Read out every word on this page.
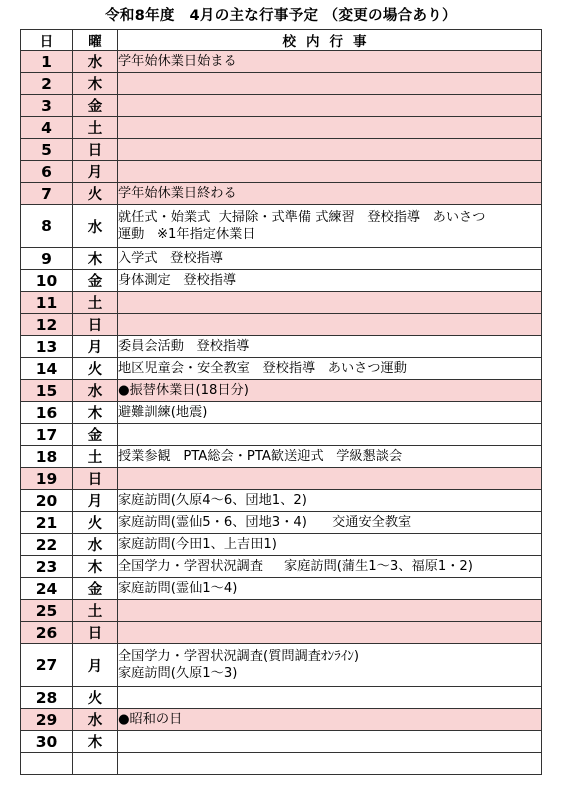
令和8年度　4月の主な行事予定 （変更の場合あり）
日	曜	校内行事
1	水	学年始休業日始まる
2	木	
3	金	
4	土	
5	日	
6	月	
7	火	学年始休業日終わる
8	水	就任式・始業式  大掃除・式準備 式練習   登校指導   あいさつ
運動   ※1年指定休業日
9	木	入学式   登校指導
10	金	身体測定   登校指導
11	土	
12	日	
13	月	委員会活動   登校指導
14	火	地区児童会・安全教室   登校指導   あいさつ運動
15	水	●振替休業日(18日分)
16	木	避難訓練(地震)
17	金	
18	土	授業参観   PTA総会・PTA歓送迎式   学級懇談会
19	日	
20	月	家庭訪問(久原4～6、団地1、2)
21	火	家庭訪問(霊仙5・6、団地3・4)      交通安全教室
22	水	家庭訪問(今田1、上吉田1)
23	木	全国学力・学習状況調査     家庭訪問(蒲生1～3、福原1・2)
24	金	家庭訪問(霊仙1～4)
25	土	
26	日	
27	月	全国学力・学習状況調査(質問調査ｵﾝﾗｲﾝ)
家庭訪問(久原1～3)
28	火	
29	水	●昭和の日
30	木	
